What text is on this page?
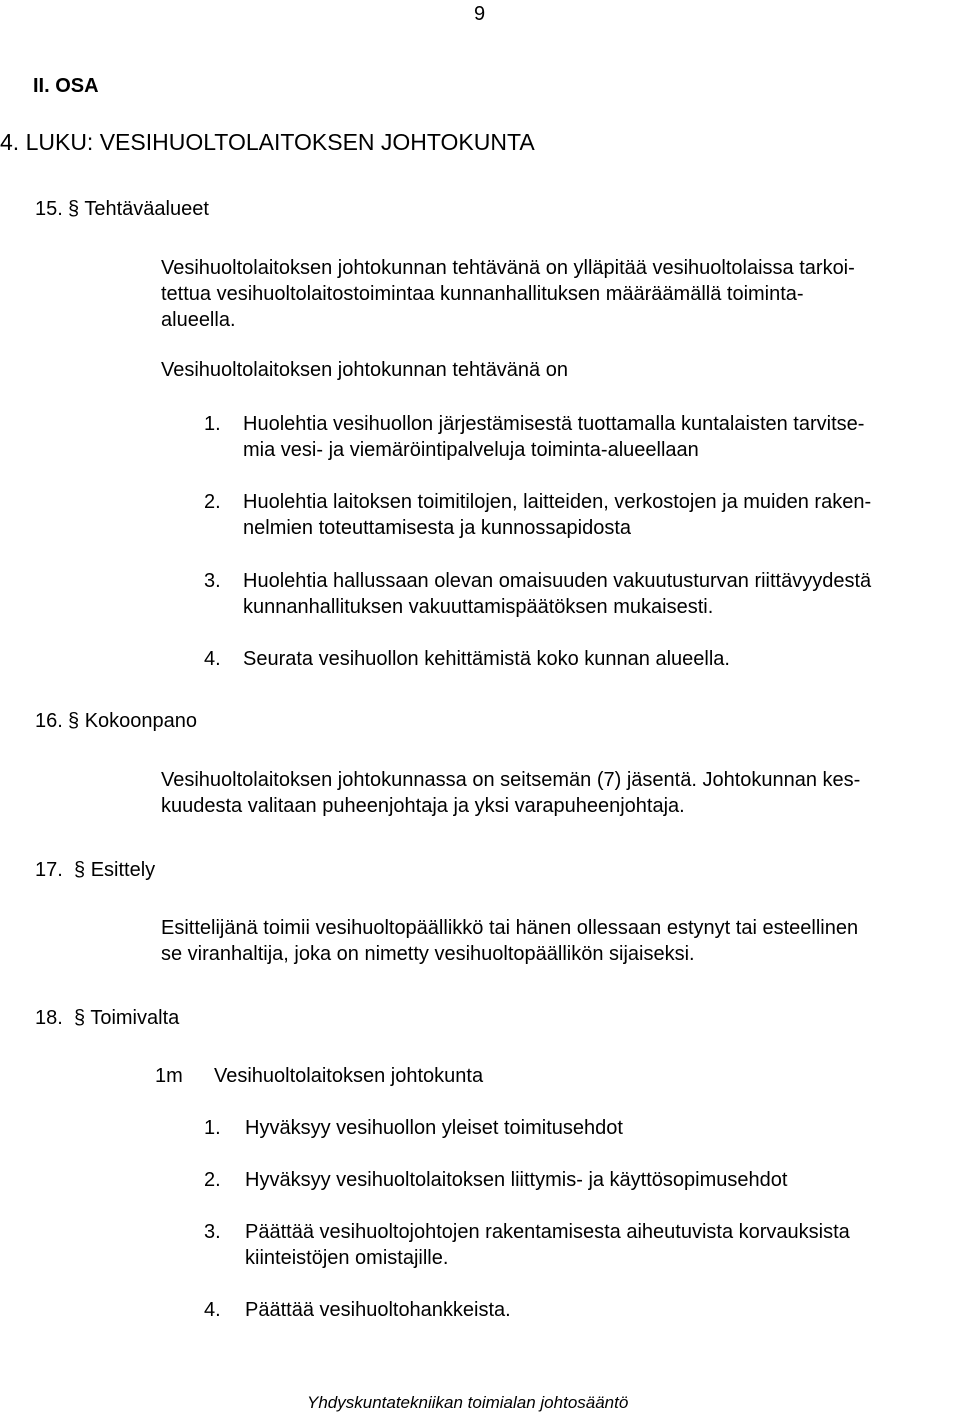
9
II. OSA
4. LUKU: VESIHUOLTOLAITOKSEN JOHTOKUNTA
15. § Tehtäväalueet
Vesihuoltolaitoksen johtokunnan tehtävänä on ylläpitää vesihuoltolaissa tarkoi-
tettua vesihuoltolaitostoimintaa kunnanhallituksen määräämällä toiminta-
alueella.
Vesihuoltolaitoksen johtokunnan tehtävänä on
1. Huolehtia vesihuollon järjestämisestä tuottamalla kuntalaisten tarvitse-
mia vesi- ja viemäröintipalveluja toiminta-alueellaan
2. Huolehtia laitoksen toimitilojen, laitteiden, verkostojen ja muiden raken-
nelmien toteuttamisesta ja kunnossapidosta
3. Huolehtia hallussaan olevan omaisuuden vakuutusturvan riittävyydestä
kunnanhallituksen vakuuttamispäätöksen mukaisesti.
4. Seurata vesihuollon kehittämistä koko kunnan alueella.
16. § Kokoonpano
Vesihuoltolaitoksen johtokunnassa on seitsemän (7) jäsentä. Johtokunnan kes-
kuudesta valitaan puheenjohtaja ja yksi varapuheenjohtaja.
17. § Esittely
Esittelijänä toimii vesihuoltopäällikkö tai hänen ollessaan estynyt tai esteellinen
se viranhaltija, joka on nimetty vesihuoltopäällikön sijaiseksi.
18. § Toimivalta
1m Vesihuoltolaitoksen johtokunta
1. Hyväksyy vesihuollon yleiset toimitusehdot
2. Hyväksyy vesihuoltolaitoksen liittymis- ja käyttösopimusehdot
3. Päättää vesihuoltojohtojen rakentamisesta aiheutuvista korvauksista
kiinteistöjen omistajille.
4. Päättää vesihuoltohankkeista.
Yhdyskuntatekniikan toimialan johtosääntö
